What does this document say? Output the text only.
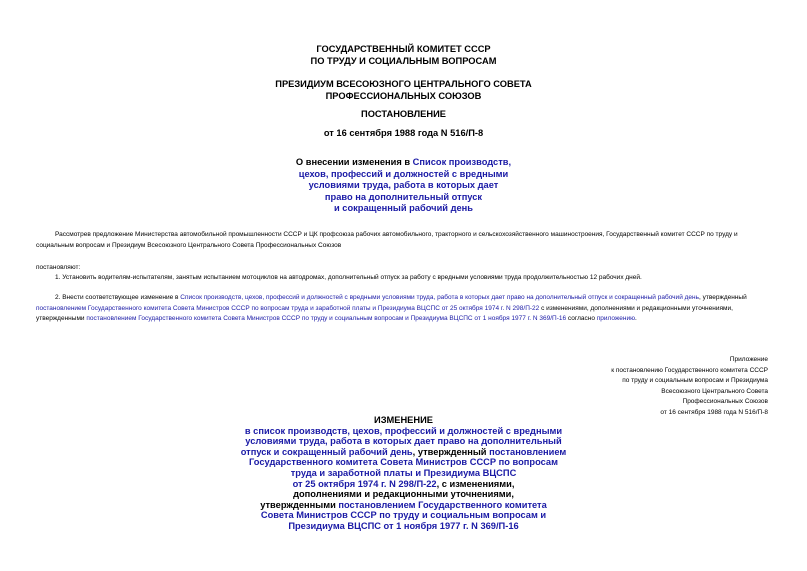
ГОСУДАРСТВЕННЫЙ КОМИТЕТ СССР
ПО ТРУДУ И СОЦИАЛЬНЫМ ВОПРОСАМ
ПРЕЗИДИУМ ВСЕСОЮЗНОГО ЦЕНТРАЛЬНОГО СОВЕТА
ПРОФЕССИОНАЛЬНЫХ СОЮЗОВ
ПОСТАНОВЛЕНИЕ
от 16 сентября 1988 года N 516/П-8
О внесении изменения в Список производств,
цехов, профессий и должностей с вредными
условиями труда, работа в которых дает
право на дополнительный отпуск
и сокращенный рабочий день
Рассмотрев предложение Министерства автомобильной промышленности СССР и ЦК профсоюза рабочих автомобильного, тракторного и сельскохозяйственного машиностроения, Государственный комитет СССР по труду и социальным вопросам и Президиум Всесоюзного Центрального Совета Профессиональных Союзов
постановляют:
1. Установить водителям-испытателям, занятым испытанием мотоциклов на автодромах, дополнительный отпуск за работу с вредными условиями труда продолжительностью 12 рабочих дней.
2. Внести соответствующее изменение в Список производств, цехов, профессий и должностей с вредными условиями труда, работа в которых дает право на дополнительный отпуск и сокращенный рабочий день, утвержденный постановлением Государственного комитета Совета Министров СССР по вопросам труда и заработной платы и Президиума ВЦСПС от 25 октября 1974 г. N 298/П-22 с изменениями, дополнениями и редакционными уточнениями, утвержденными постановлением Государственного комитета Совета Министров СССР по труду и социальным вопросам и Президиума ВЦСПС от 1 ноября 1977 г. N 369/П-16 согласно приложению.
Приложение
к постановлению Государственного комитета СССР
по труду и социальным вопросам и Президиума
Всесоюзного Центрального Совета
Профессиональных Союзов
от 16 сентября 1988 года N 516/П-8
ИЗМЕНЕНИЕ
в список производств, цехов, профессий и должностей с вредными
условиями труда, работа в которых дает право на дополнительный
отпуск и сокращенный рабочий день, утвержденный постановлением
Государственного комитета Совета Министров СССР по вопросам
труда и заработной платы и Президиума ВЦСПС
от 25 октября 1974 г. N 298/П-22, с изменениями,
дополнениями и редакционными уточнениями,
утвержденными постановлением Государственного комитета
Совета Министров СССР по труду и социальным вопросам и
Президиума ВЦСПС от 1 ноября 1977 г. N 369/П-16
